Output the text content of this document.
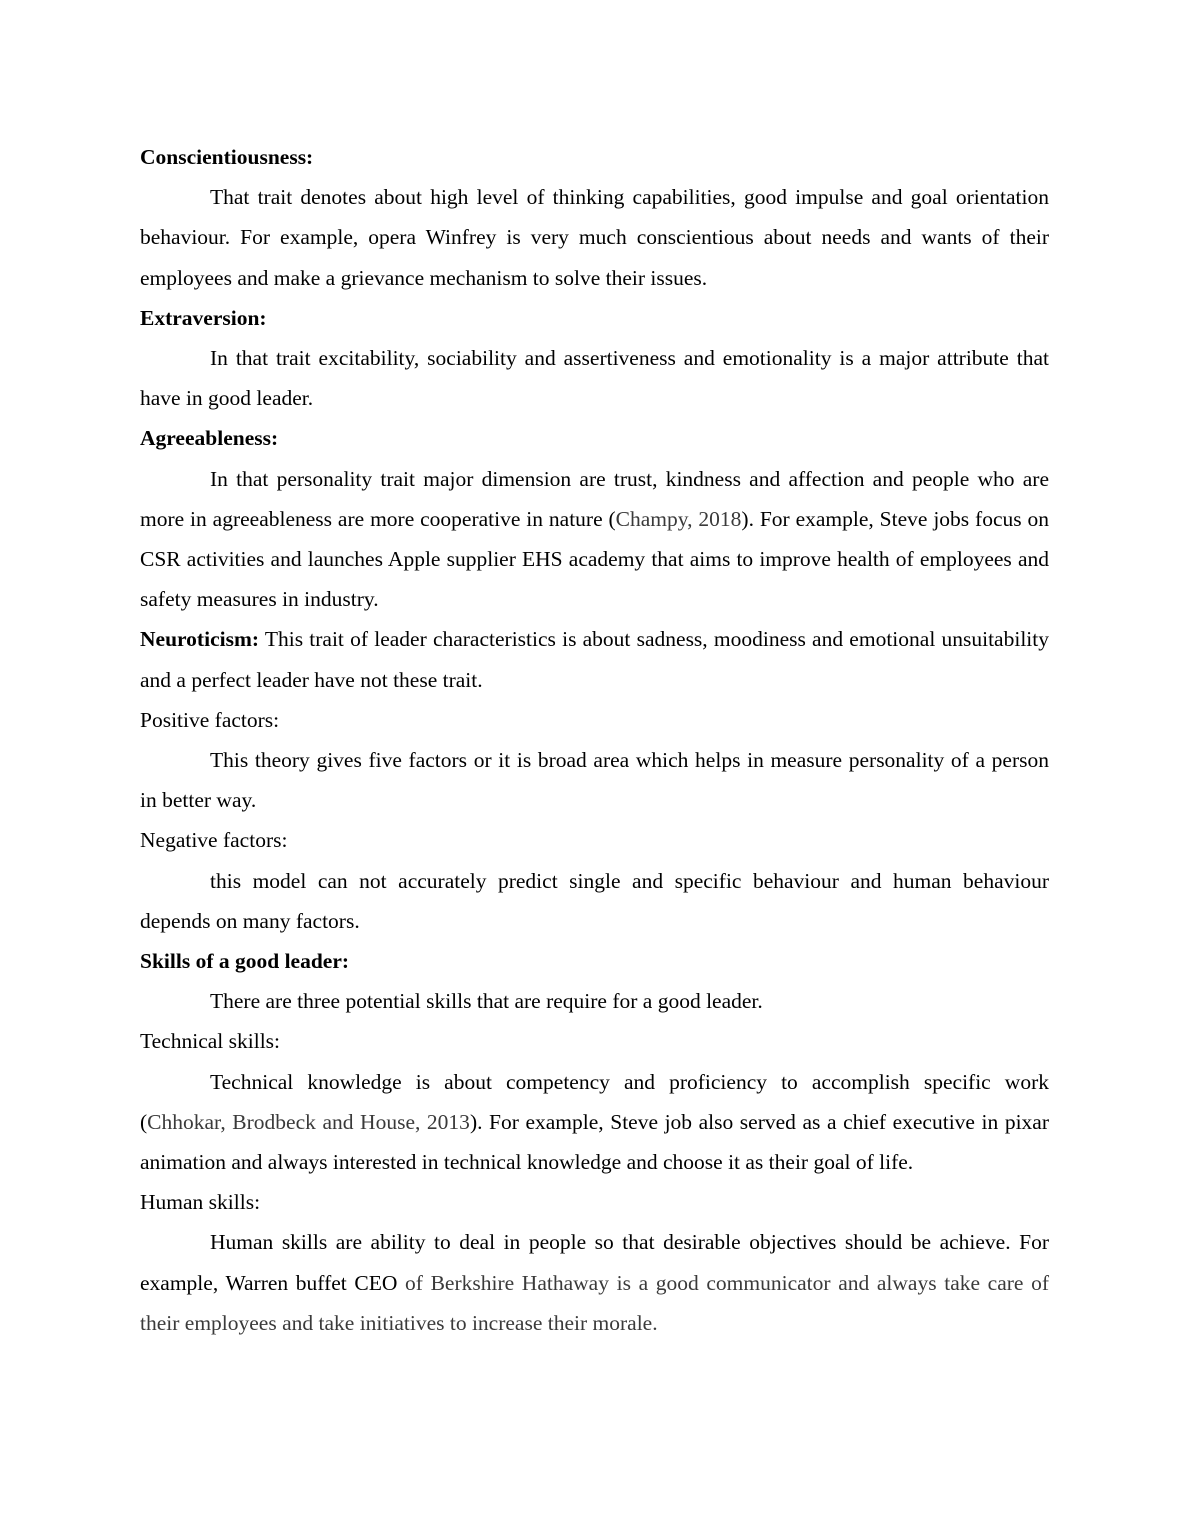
Conscientiousness:

That trait denotes about high level of thinking capabilities, good impulse and goal orientation behaviour. For example, opera Winfrey is very much conscientious about needs and wants of their employees and make a grievance mechanism to solve their issues.

Extraversion:

In that trait excitability, sociability and assertiveness and emotionality is a major attribute that have in good leader.

Agreeableness:

In that personality trait major dimension are trust, kindness and affection and people who are more in agreeableness are more cooperative in nature (Champy, 2018). For example, Steve jobs focus on CSR activities and launches Apple supplier EHS academy that aims to improve health of employees and safety measures in industry.

Neuroticism: This trait of leader characteristics is about sadness, moodiness and emotional unsuitability and a perfect leader have not these trait.

Positive factors:

This theory gives five factors or it is broad area which helps in measure personality of a person in better way.

Negative factors:

this model can not accurately predict single and specific behaviour and human behaviour depends on many factors.

Skills of a good leader:

There are three potential skills that are require for a good leader.

Technical skills:

Technical knowledge is about competency and proficiency to accomplish specific work (Chhokar, Brodbeck and House, 2013). For example, Steve job also served as a chief executive in pixar animation and always interested in technical knowledge and choose it as their goal of life.

Human skills:

Human skills are ability to deal in people so that desirable objectives should be achieve. For example, Warren buffet CEO of Berkshire Hathaway is a good communicator and always take care of their employees and take initiatives to increase their morale.
